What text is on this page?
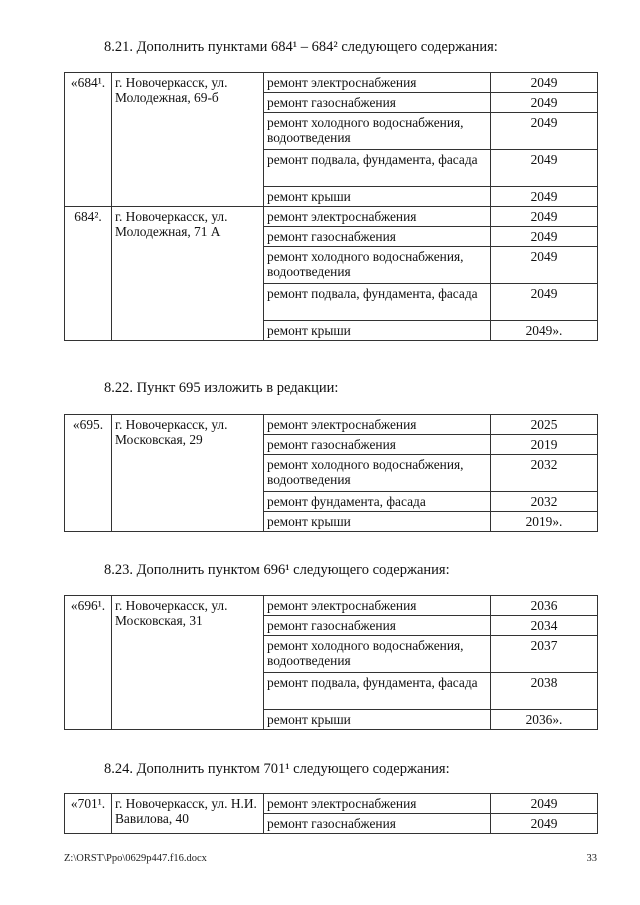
8.21. Дополнить пунктами 684¹ – 684² следующего содержания:
«684¹.	г. Новочеркасск, ул. Молодежная, 69-б	ремонт электроснабжения	2049
		ремонт газоснабжения	2049
		ремонт холодного водоснабжения, водоотведения	2049
		ремонт подвала, фундамента, фасада	2049
		ремонт крыши	2049
684².	г. Новочеркасск, ул. Молодежная, 71 А	ремонт электроснабжения	2049
		ремонт газоснабжения	2049
		ремонт холодного водоснабжения, водоотведения	2049
		ремонт подвала, фундамента, фасада	2049
		ремонт крыши	2049».
8.22. Пункт 695 изложить в редакции:
«695.	г. Новочеркасск, ул. Московская, 29	ремонт электроснабжения	2025
		ремонт газоснабжения	2019
		ремонт холодного водоснабжения, водоотведения	2032
		ремонт фундамента, фасада	2032
		ремонт крыши	2019».
8.23. Дополнить пунктом 696¹ следующего содержания:
«696¹.	г. Новочеркасск, ул. Московская, 31	ремонт электроснабжения	2036
		ремонт газоснабжения	2034
		ремонт холодного водоснабжения, водоотведения	2037
		ремонт подвала, фундамента, фасада	2038
		ремонт крыши	2036».
8.24. Дополнить пунктом 701¹ следующего содержания:
«701¹.	г. Новочеркасск, ул. Н.И. Вавилова, 40	ремонт электроснабжения	2049
		ремонт газоснабжения	2049
Z:\ORST\Ppo\0629p447.f16.docx	33
